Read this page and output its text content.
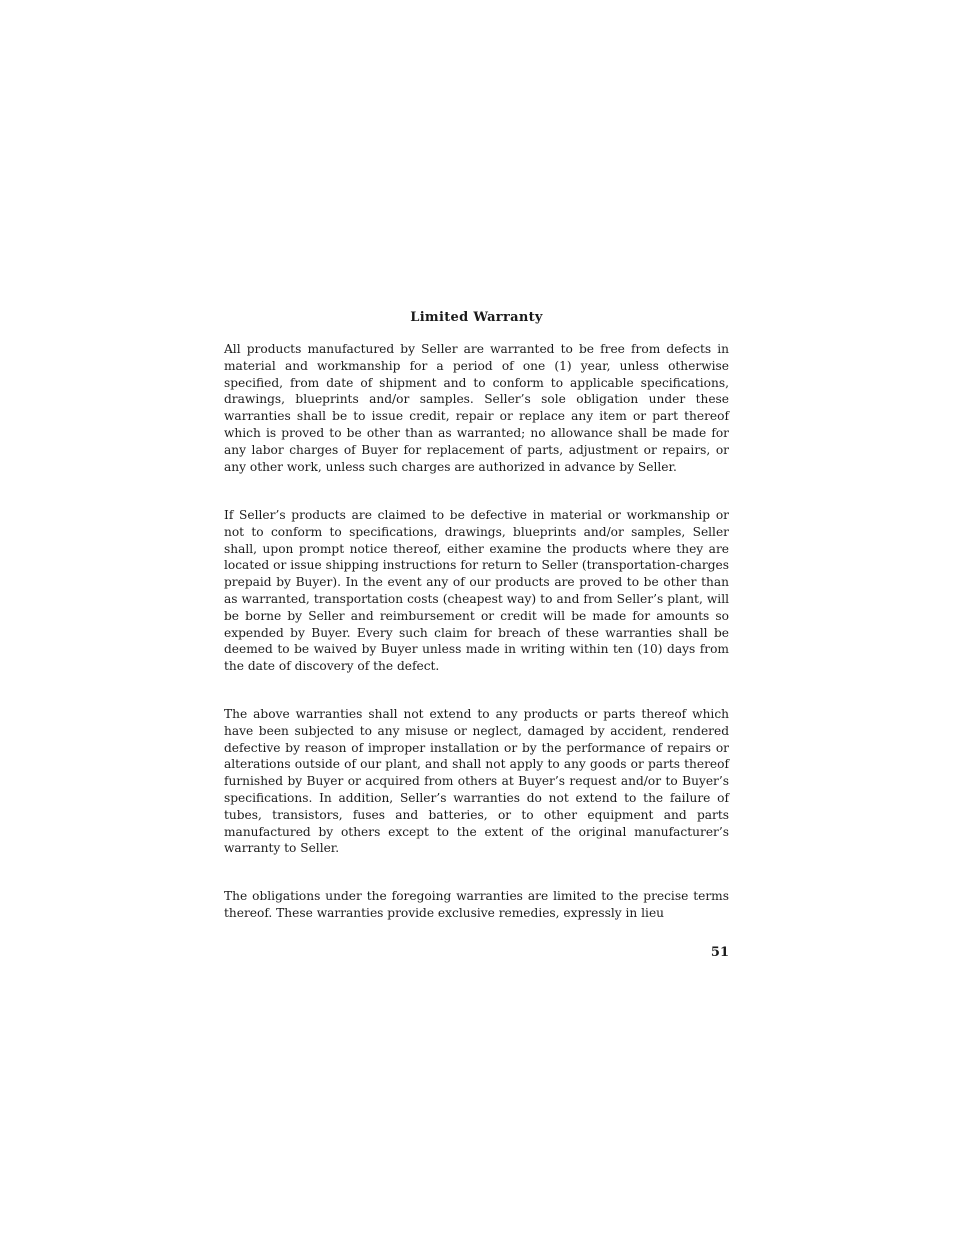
Limited Warranty

All products manufactured by Seller are warranted to be free from defects in material and workmanship for a period of one (1) year, unless otherwise specified, from date of shipment and to conform to applicable specifications, drawings, blueprints and/or samples. Seller’s sole obligation under these warranties shall be to issue credit, repair or replace any item or part thereof which is proved to be other than as warranted; no allowance shall be made for any labor charges of Buyer for replacement of parts, adjustment or repairs, or any other work, unless such charges are authorized in advance by Seller.

If Seller’s products are claimed to be defective in material or workmanship or not to conform to specifications, drawings, blueprints and/or samples, Seller shall, upon prompt notice thereof, either examine the products where they are located or issue shipping instructions for return to Seller (transportation-charges prepaid by Buyer). In the event any of our products are proved to be other than as warranted, transportation costs (cheapest way) to and from Seller’s plant, will be borne by Seller and reimbursement or credit will be made for amounts so expended by Buyer. Every such claim for breach of these warranties shall be deemed to be waived by Buyer unless made in writing within ten (10) days from the date of discovery of the defect.

The above warranties shall not extend to any products or parts thereof which have been subjected to any misuse or neglect, damaged by accident, rendered defective by reason of improper installation or by the performance of repairs or alterations outside of our plant, and shall not apply to any goods or parts thereof furnished by Buyer or acquired from others at Buyer’s request and/or to Buyer’s specifications. In addition, Seller’s warranties do not extend to the failure of tubes, transistors, fuses and batteries, or to other equipment and parts manufactured by others except to the extent of the original manufacturer’s warranty to Seller.

The obligations under the foregoing warranties are limited to the precise terms thereof. These warranties provide exclusive remedies, expressly in lieu

51
